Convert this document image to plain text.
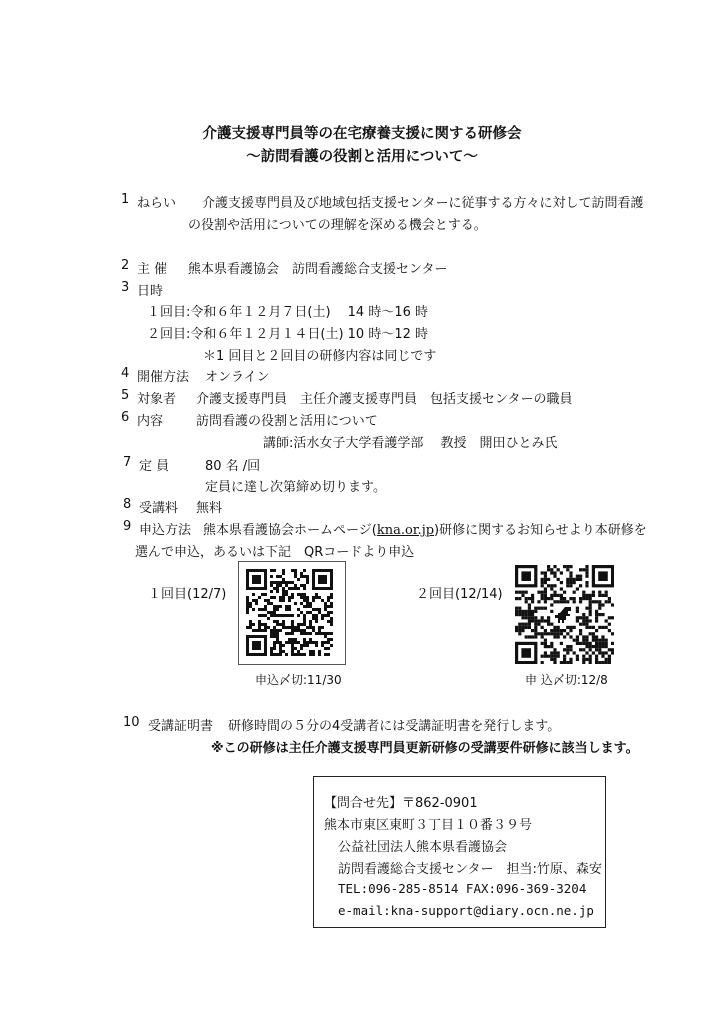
介護支援専門員等の在宅療養支援に関する研修会
～訪問看護の役割と活用について～
1 ねらい 介護支援専門員及び地域包括支援センターに従事する方々に対して訪問看護
の役割や活用についての理解を深める機会とする。
2 主 催 熊本県看護協会　訪問看護総合支援センター
3 日時
１回目:令和６年１２月７日(土)　 14 時～16 時
２回目:令和６年１２月１４日(土) 10 時～12 時
＊1 回目と２回目の研修内容は同じです
4 開催方法 オンライン
5 対象者 介護支援専門員　主任介護支援専門員　包括支援センターの職員
6 内容	訪問看護の役割と活用について
講師:活水女子大学看護学部　 教授　開田ひとみ氏
7 定 員	80 名 /回
定員に達し次第締め切ります。
8 受講料 無料
9 申込方法 熊本県看護協会ホームページ(kna.or.jp)研修に関するお知らせより本研修を
選んで申込，あるいは下記　QRコードより申込
１回目(12/7)
申込〆切:11/30
２回目(12/14)
申 込〆切:12/8
10 受講証明書 研修時間の５分の4受講者には受講証明書を発行します。
※この研修は主任介護支援専門員更新研修の受講要件研修に該当します。
【問合せ先】〒862-0901
熊本市東区東町３丁目１０番３９号
公益社団法人熊本県看護協会
訪問看護総合支援センター　担当:竹原、森安
TEL:096-285-8514 FAX:096-369-3204
e-mail:kna-support@diary.ocn.ne.jp
